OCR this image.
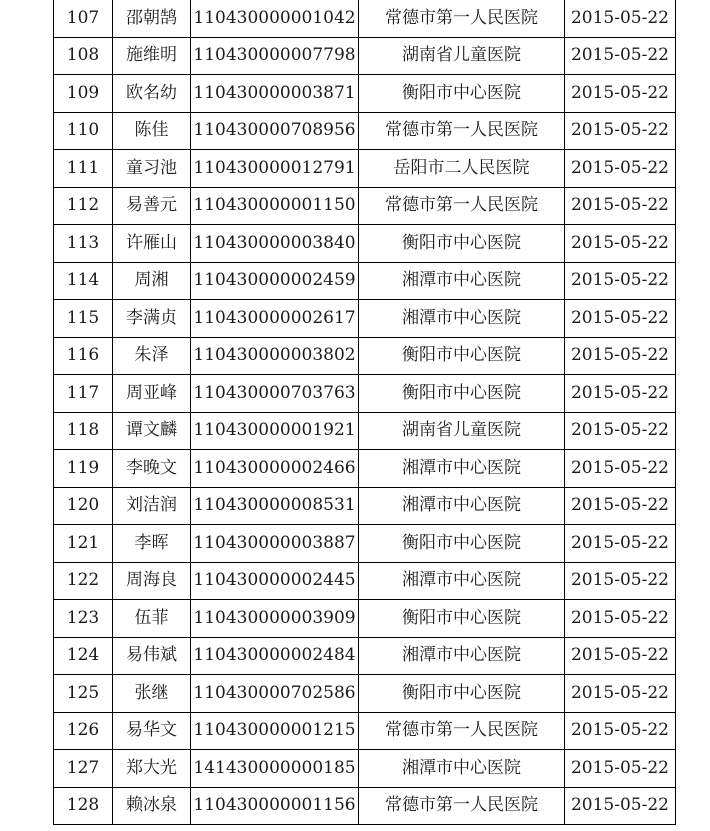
107	邵朝鹄	110430000001042	常德市第一人民医院	2015-05-22
108	施维明	110430000007798	湖南省儿童医院	2015-05-22
109	欧名幼	110430000003871	衡阳市中心医院	2015-05-22
110	陈佳	110430000708956	常德市第一人民医院	2015-05-22
111	童习池	110430000012791	岳阳市二人民医院	2015-05-22
112	易善元	110430000001150	常德市第一人民医院	2015-05-22
113	许雁山	110430000003840	衡阳市中心医院	2015-05-22
114	周湘	110430000002459	湘潭市中心医院	2015-05-22
115	李满贞	110430000002617	湘潭市中心医院	2015-05-22
116	朱泽	110430000003802	衡阳市中心医院	2015-05-22
117	周亚峰	110430000703763	衡阳市中心医院	2015-05-22
118	谭文麟	110430000001921	湖南省儿童医院	2015-05-22
119	李晚文	110430000002466	湘潭市中心医院	2015-05-22
120	刘洁润	110430000008531	湘潭市中心医院	2015-05-22
121	李晖	110430000003887	衡阳市中心医院	2015-05-22
122	周海良	110430000002445	湘潭市中心医院	2015-05-22
123	伍菲	110430000003909	衡阳市中心医院	2015-05-22
124	易伟斌	110430000002484	湘潭市中心医院	2015-05-22
125	张继	110430000702586	衡阳市中心医院	2015-05-22
126	易华文	110430000001215	常德市第一人民医院	2015-05-22
127	郑大光	141430000000185	湘潭市中心医院	2015-05-22
128	赖冰泉	110430000001156	常德市第一人民医院	2015-05-22
